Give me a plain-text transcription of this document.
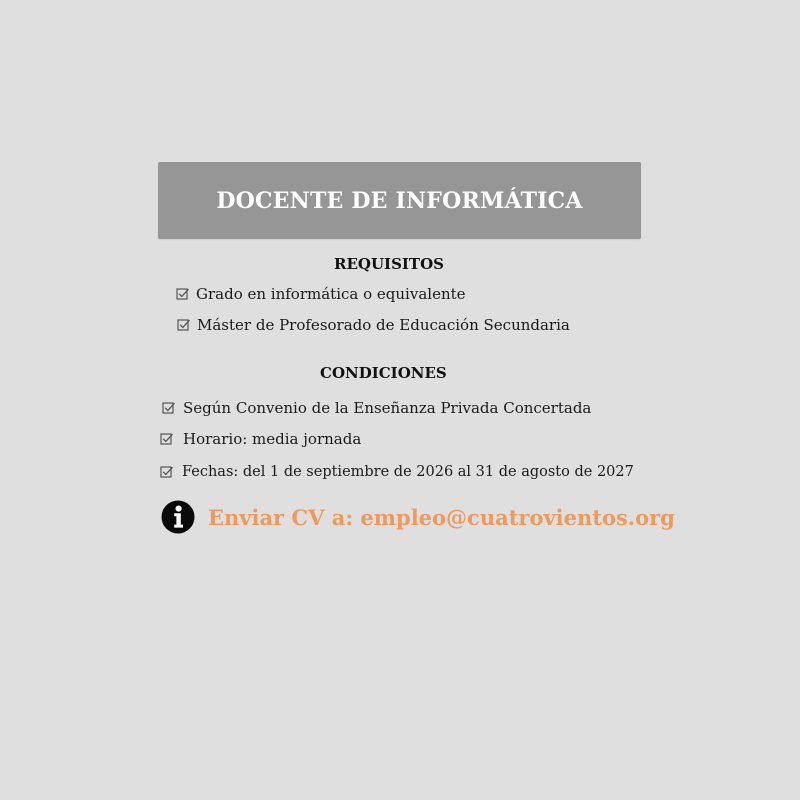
DOCENTE DE INFORMÁTICA
REQUISITOS
Grado en informática o equivalente
Máster de Profesorado de Educación Secundaria
CONDICIONES
Según Convenio de la Enseñanza Privada Concertada
Horario: media jornada
Fechas: del 1 de septiembre de 2026 al 31 de agosto de 2027
Enviar CV a: empleo@cuatrovientos.org
